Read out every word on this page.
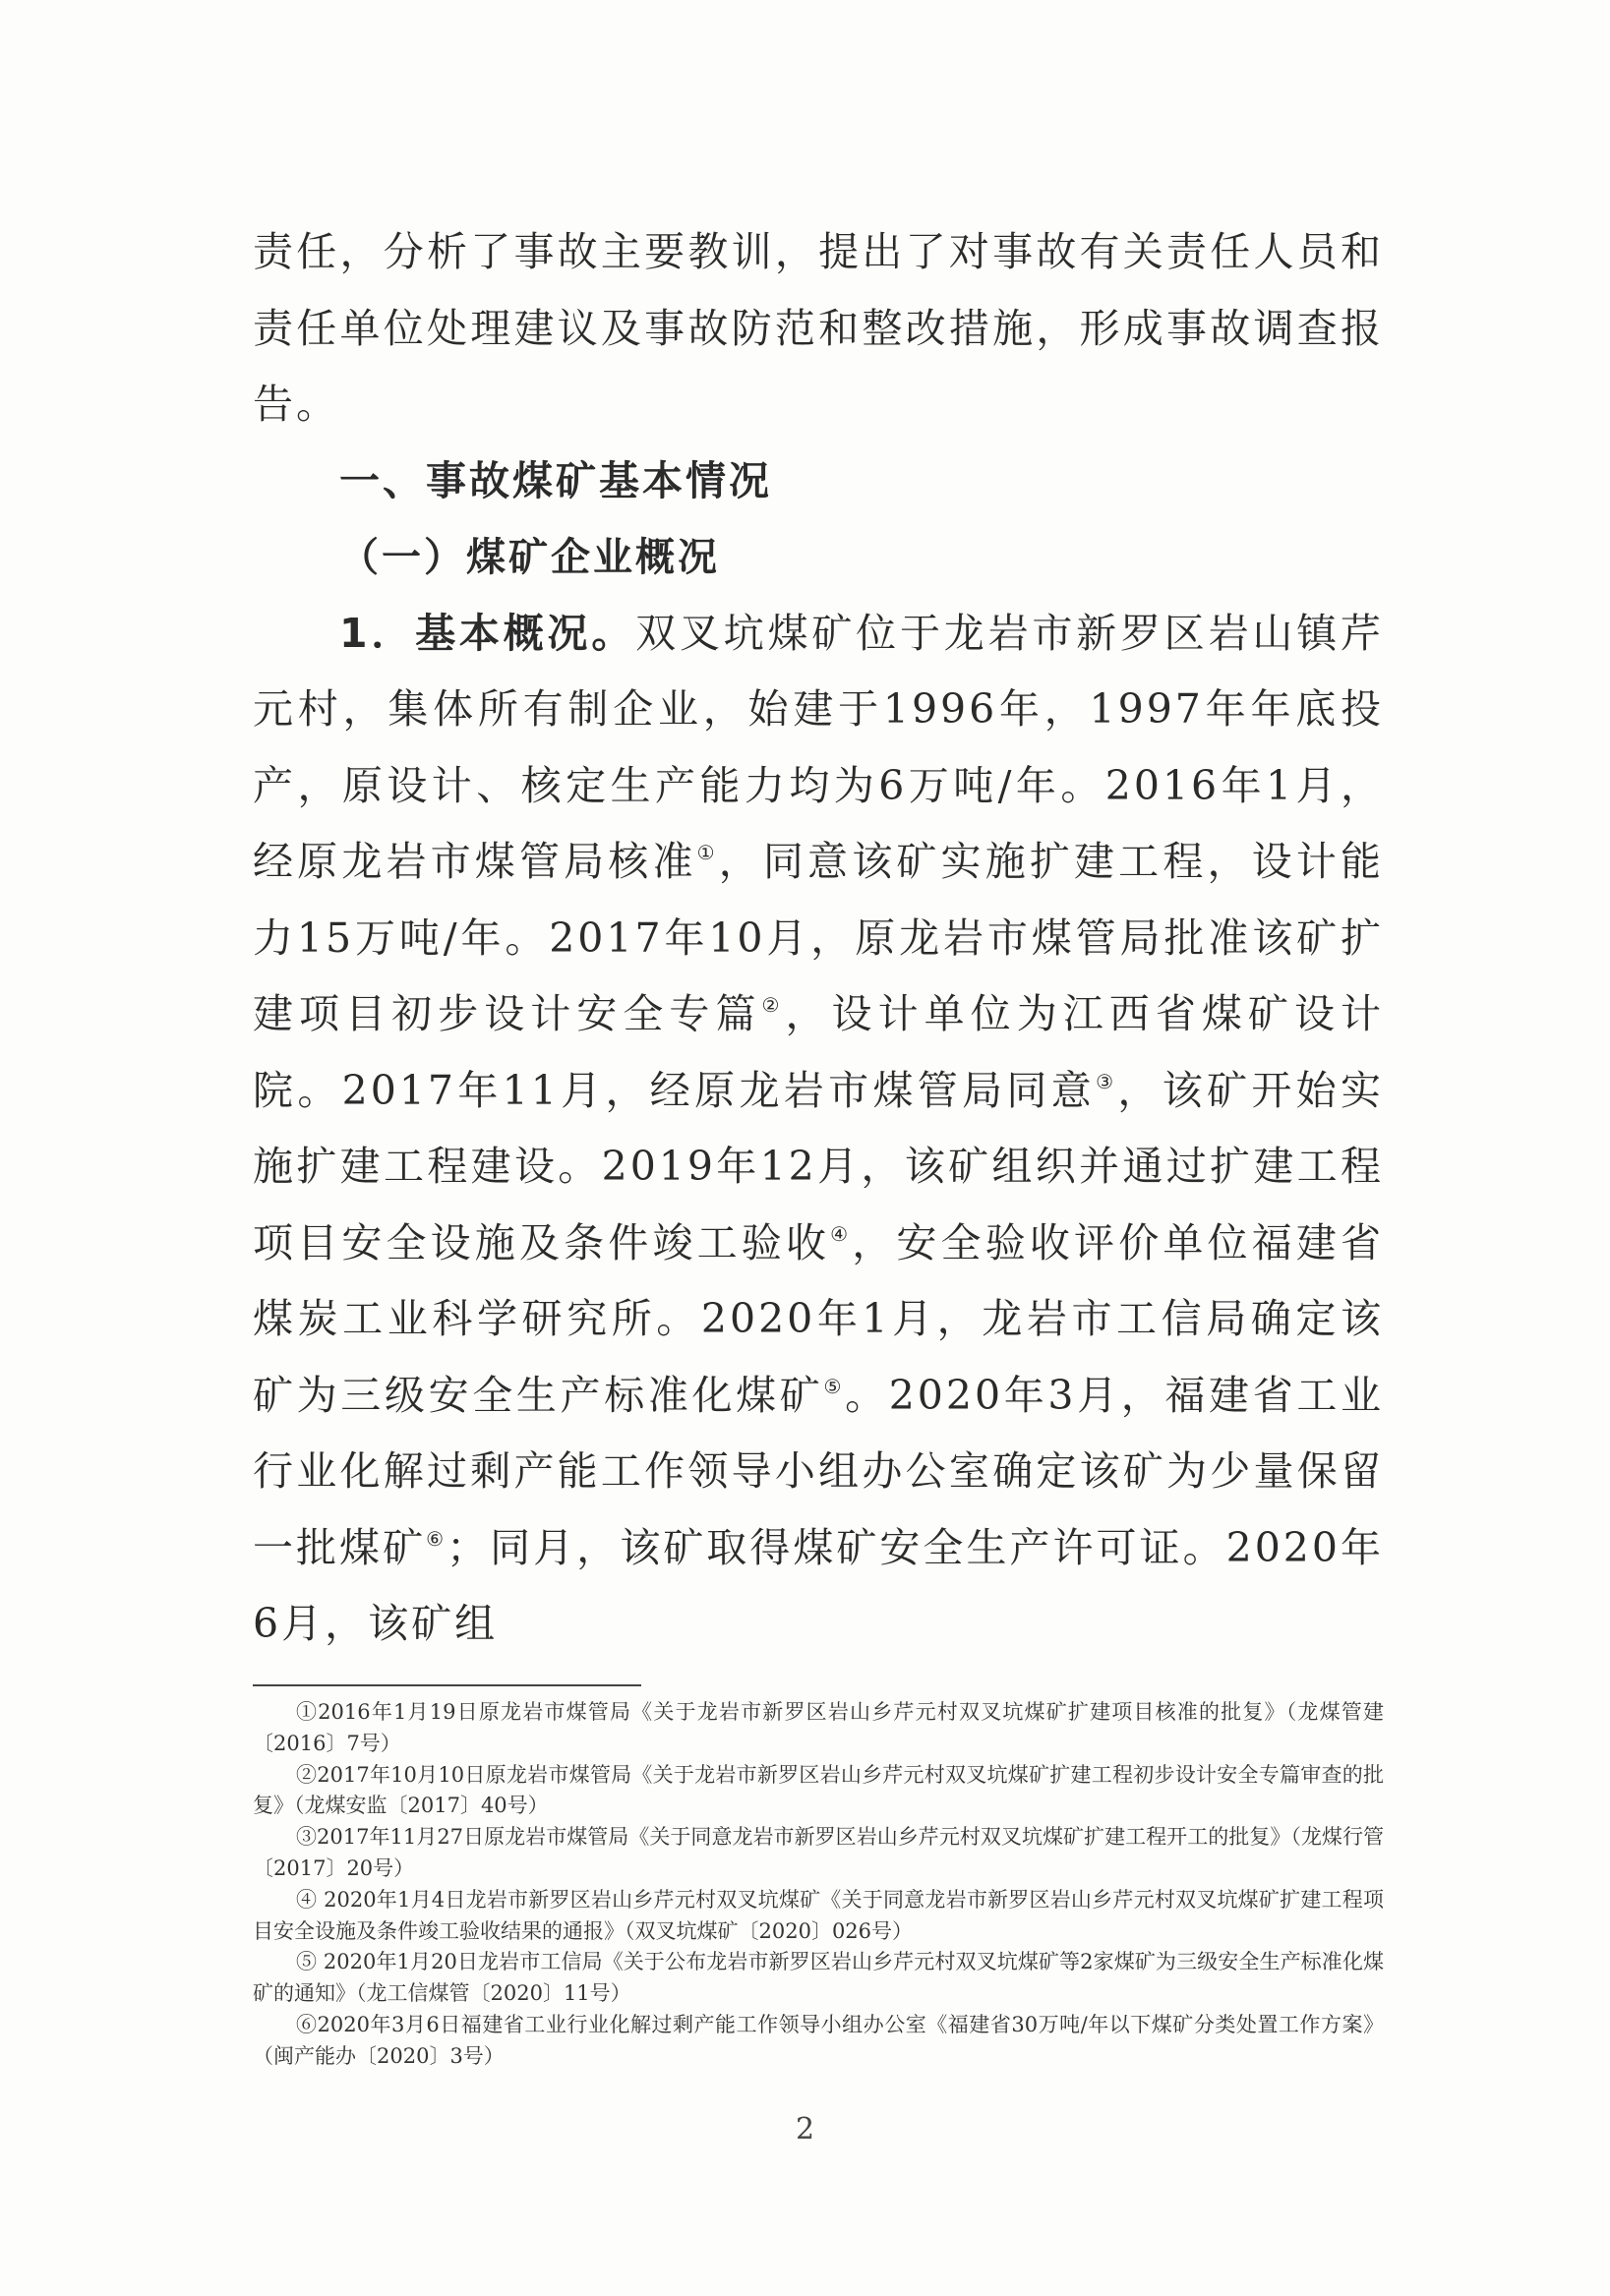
责任，分析了事故主要教训，提出了对事故有关责任人员和责任单位处理建议及事故防范和整改措施，形成事故调查报告。

一、事故煤矿基本情况

（一）煤矿企业概况

1．基本概况。双叉坑煤矿位于龙岩市新罗区岩山镇芹元村，集体所有制企业，始建于1996年，1997年年底投产，原设计、核定生产能力均为6万吨/年。2016年1月，经原龙岩市煤管局核准①，同意该矿实施扩建工程，设计能力15万吨/年。2017年10月，原龙岩市煤管局批准该矿扩建项目初步设计安全专篇②，设计单位为江西省煤矿设计院。2017年11月，经原龙岩市煤管局同意③，该矿开始实施扩建工程建设。2019年12月，该矿组织并通过扩建工程项目安全设施及条件竣工验收④，安全验收评价单位福建省煤炭工业科学研究所。2020年1月，龙岩市工信局确定该矿为三级安全生产标准化煤矿⑤。2020年3月，福建省工业行业化解过剩产能工作领导小组办公室确定该矿为少量保留一批煤矿⑥；同月，该矿取得煤矿安全生产许可证。2020年6月，该矿组

①2016年1月19日原龙岩市煤管局《关于龙岩市新罗区岩山乡芹元村双叉坑煤矿扩建项目核准的批复》（龙煤管建〔2016〕7号）

②2017年10月10日原龙岩市煤管局《关于龙岩市新罗区岩山乡芹元村双叉坑煤矿扩建工程初步设计安全专篇审查的批复》（龙煤安监〔2017〕40号）

③2017年11月27日原龙岩市煤管局《关于同意龙岩市新罗区岩山乡芹元村双叉坑煤矿扩建工程开工的批复》（龙煤行管〔2017〕20号）

④ 2020年1月4日龙岩市新罗区岩山乡芹元村双叉坑煤矿《关于同意龙岩市新罗区岩山乡芹元村双叉坑煤矿扩建工程项目安全设施及条件竣工验收结果的通报》（双叉坑煤矿〔2020〕026号）

⑤ 2020年1月20日龙岩市工信局《关于公布龙岩市新罗区岩山乡芹元村双叉坑煤矿等2家煤矿为三级安全生产标准化煤矿的通知》（龙工信煤管〔2020〕11号）

⑥2020年3月6日福建省工业行业化解过剩产能工作领导小组办公室《福建省30万吨/年以下煤矿分类处置工作方案》（闽产能办〔2020〕3号）

2
